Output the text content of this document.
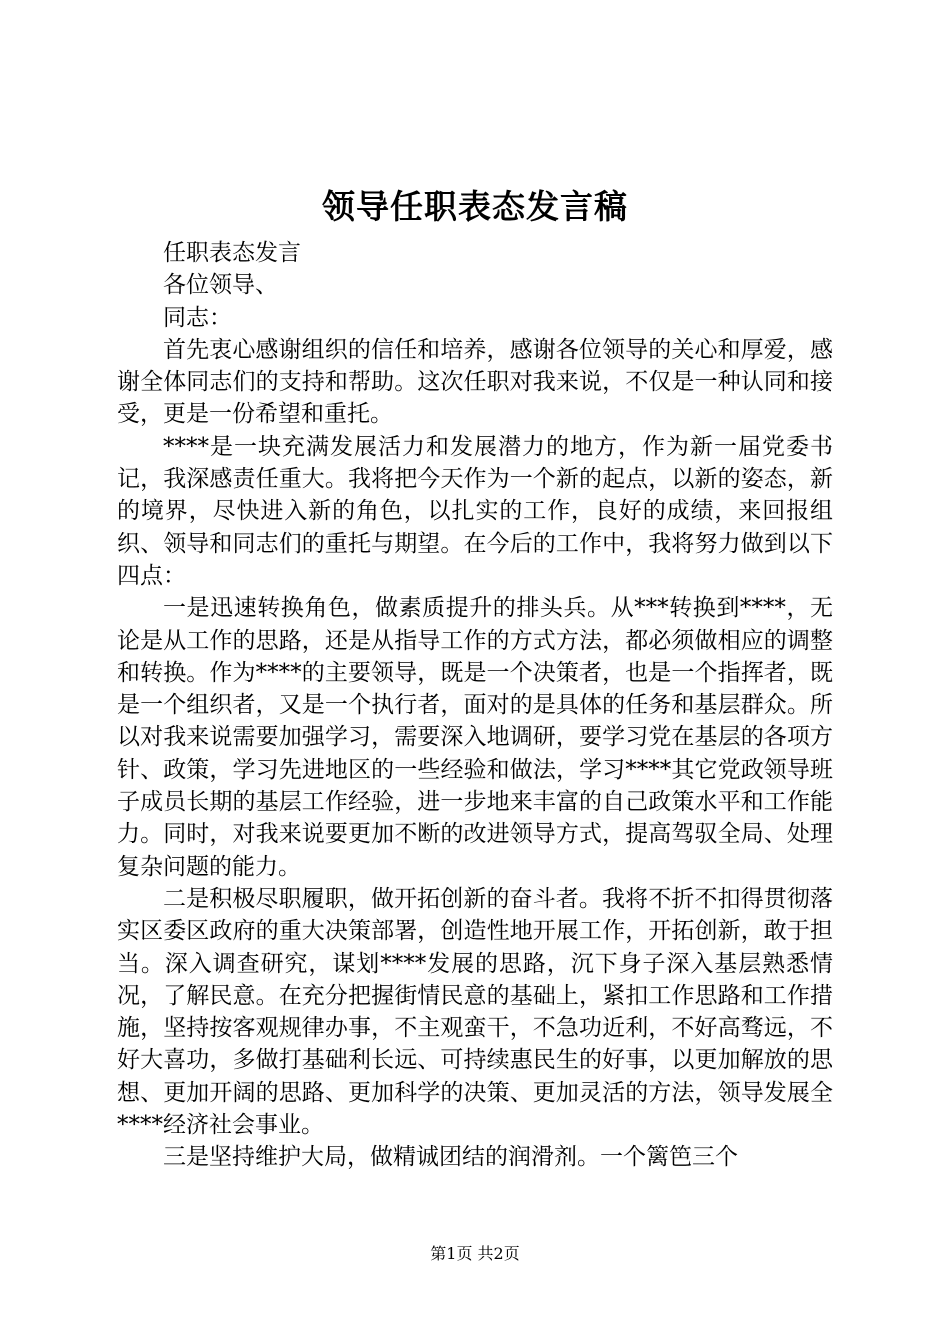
领导任职表态发言稿

任职表态发言

各位领导、

同志：

首先衷心感谢组织的信任和培养，感谢各位领导的关心和厚爱，感谢全体同志们的支持和帮助。这次任职对我来说，不仅是一种认同和接受，更是一份希望和重托。

****是一块充满发展活力和发展潜力的地方，作为新一届党委书记，我深感责任重大。我将把今天作为一个新的起点，以新的姿态，新的境界，尽快进入新的角色，以扎实的工作，良好的成绩，来回报组织、领导和同志们的重托与期望。在今后的工作中，我将努力做到以下四点：

一是迅速转换角色，做素质提升的排头兵。从***转换到****，无论是从工作的思路，还是从指导工作的方式方法，都必须做相应的调整和转换。作为****的主要领导，既是一个决策者，也是一个指挥者，既是一个组织者，又是一个执行者，面对的是具体的任务和基层群众。所以对我来说需要加强学习，需要深入地调研，要学习党在基层的各项方针、政策，学习先进地区的一些经验和做法，学习****其它党政领导班子成员长期的基层工作经验，进一步地来丰富的自己政策水平和工作能力。同时，对我来说要更加不断的改进领导方式，提高驾驭全局、处理复杂问题的能力。

二是积极尽职履职，做开拓创新的奋斗者。我将不折不扣得贯彻落实区委区政府的重大决策部署，创造性地开展工作，开拓创新，敢于担当。深入调查研究，谋划****发展的思路，沉下身子深入基层熟悉情况，了解民意。在充分把握街情民意的基础上，紧扣工作思路和工作措施，坚持按客观规律办事，不主观蛮干，不急功近利，不好高骛远，不好大喜功，多做打基础利长远、可持续惠民生的好事，以更加解放的思想、更加开阔的思路、更加科学的决策、更加灵活的方法，领导发展全****经济社会事业。

三是坚持维护大局，做精诚团结的润滑剂。一个篱笆三个

第1页 共2页
